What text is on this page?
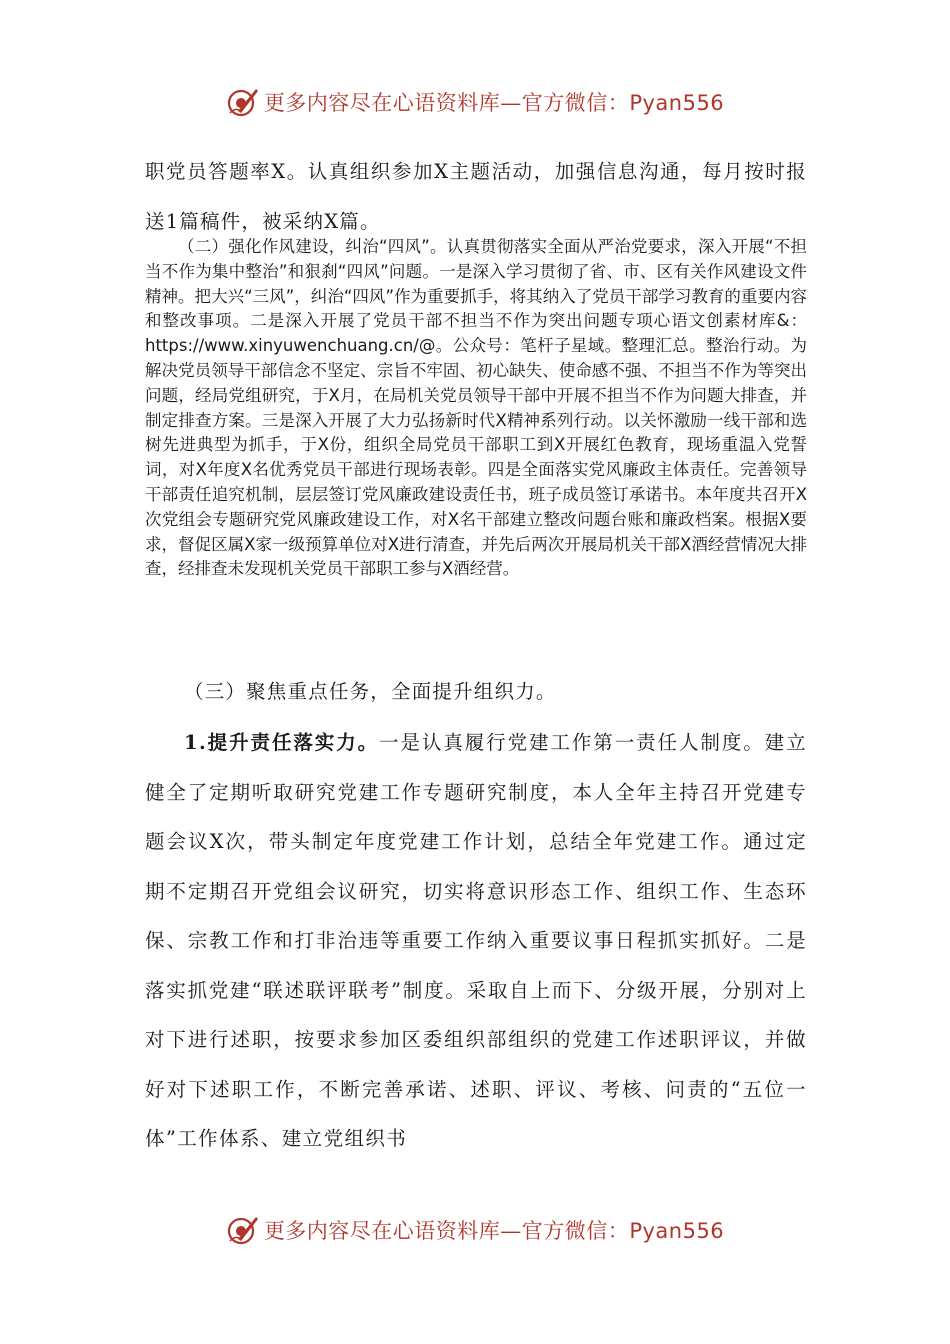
更多内容尽在心语资料库—官方微信：Pyan556

职党员答题率X。认真组织参加X主题活动，加强信息沟通，每月按时报送1篇稿件，被采纳X篇。

（二）强化作风建设，纠治“四风”。认真贯彻落实全面从严治党要求，深入开展“不担当不作为集中整治”和狠刹“四风”问题。一是深入学习贯彻了省、市、区有关作风建设文件精神。把大兴“三风”，纠治“四风”作为重要抓手，将其纳入了党员干部学习教育的重要内容和整改事项。二是深入开展了党员干部不担当不作为突出问题专项心语文创素材库&：https://www.xinyuwenchuang.cn/@。公众号：笔杆子星域。整理汇总。整治行动。为解决党员领导干部信念不坚定、宗旨不牢固、初心缺失、使命感不强、不担当不作为等突出问题，经局党组研究，于X月，在局机关党员领导干部中开展不担当不作为问题大排查，并制定排查方案。三是深入开展了大力弘扬新时代X精神系列行动。以关怀激励一线干部和选树先进典型为抓手，于X份，组织全局党员干部职工到X开展红色教育，现场重温入党誓词，对X年度X名优秀党员干部进行现场表彰。四是全面落实党风廉政主体责任。完善领导干部责任追究机制，层层签订党风廉政建设责任书，班子成员签订承诺书。本年度共召开X次党组会专题研究党风廉政建设工作，对X名干部建立整改问题台账和廉政档案。根据X要求，督促区属X家一级预算单位对X进行清查，并先后两次开展局机关干部X酒经营情况大排查，经排查未发现机关党员干部职工参与X酒经营。

（三）聚焦重点任务，全面提升组织力。

1.提升责任落实力。一是认真履行党建工作第一责任人制度。建立健全了定期听取研究党建工作专题研究制度，本人全年主持召开党建专题会议X次，带头制定年度党建工作计划，总结全年党建工作。通过定期不定期召开党组会议研究，切实将意识形态工作、组织工作、生态环保、宗教工作和打非治违等重要工作纳入重要议事日程抓实抓好。二是落实抓党建“联述联评联考”制度。采取自上而下、分级开展，分别对上对下进行述职，按要求参加区委组织部组织的党建工作述职评议，并做好对下述职工作，不断完善承诺、述职、评议、考核、问责的“五位一体”工作体系、建立党组织书

更多内容尽在心语资料库—官方微信：Pyan556
